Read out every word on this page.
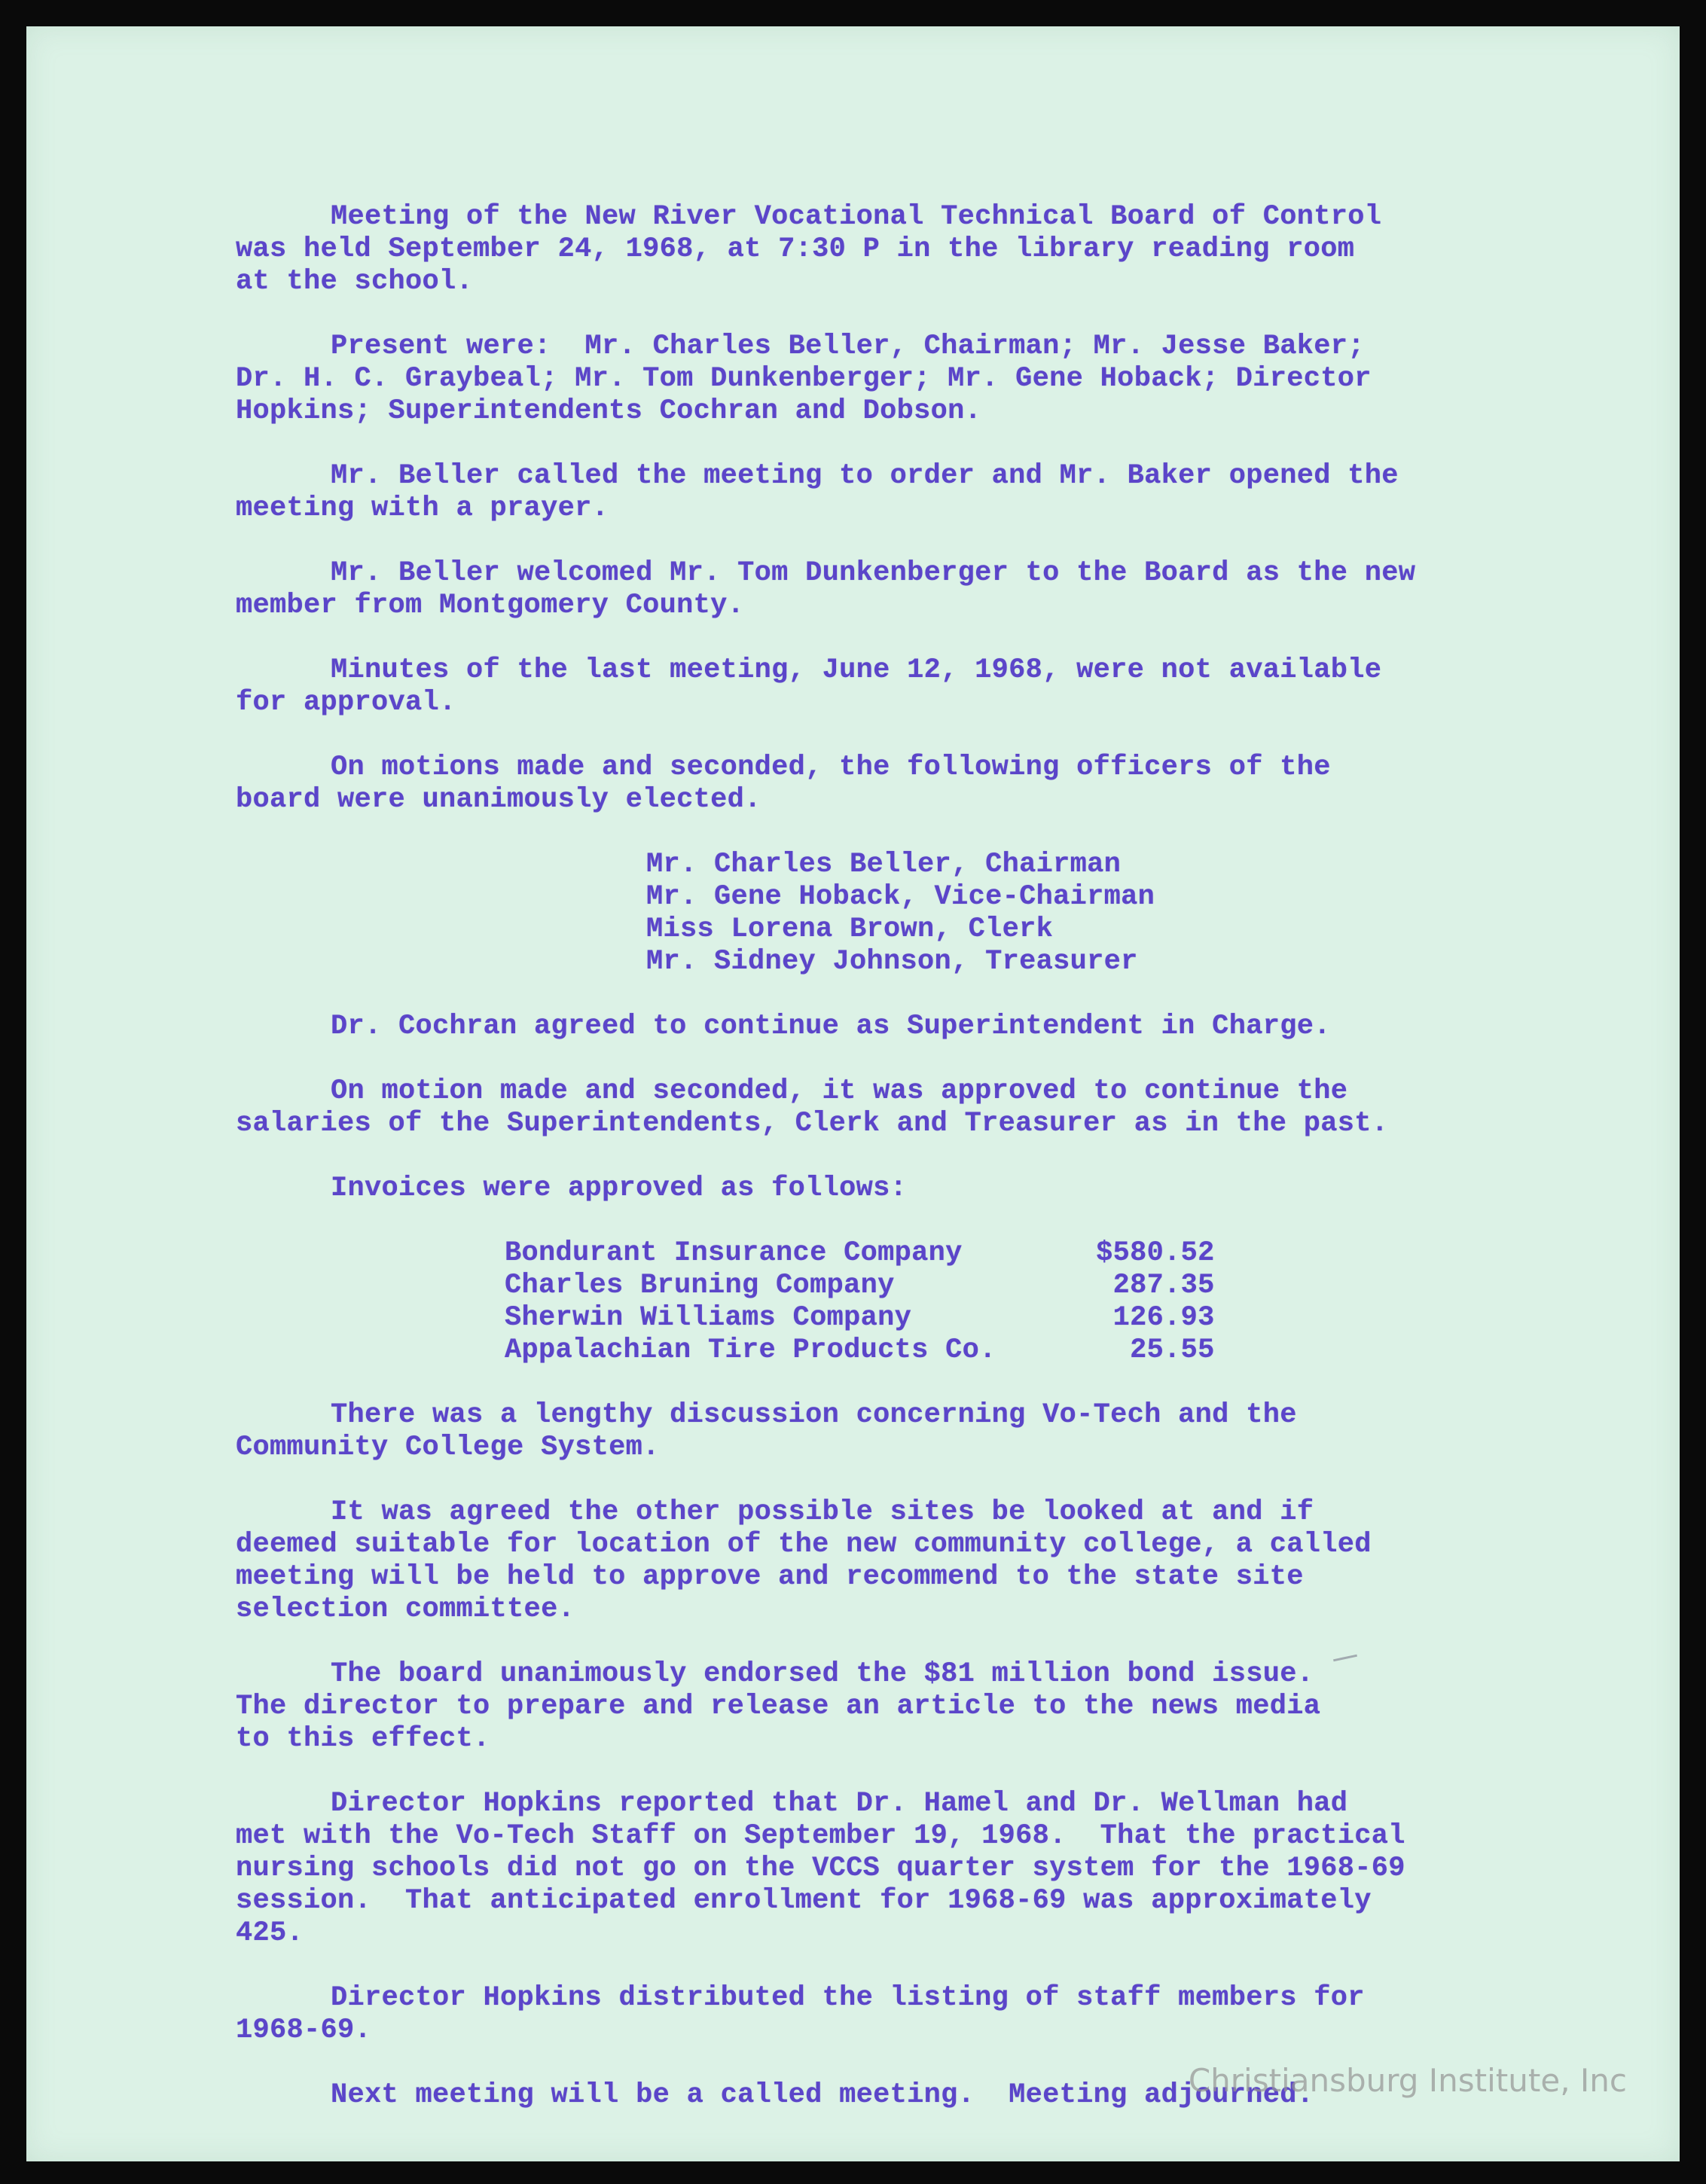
Meeting of the New River Vocational Technical Board of Control
was held September 24, 1968, at 7:30 P in the library reading room
at the school.
Present were:  Mr. Charles Beller, Chairman; Mr. Jesse Baker;
Dr. H. C. Graybeal; Mr. Tom Dunkenberger; Mr. Gene Hoback; Director
Hopkins; Superintendents Cochran and Dobson.
Mr. Beller called the meeting to order and Mr. Baker opened the
meeting with a prayer.
Mr. Beller welcomed Mr. Tom Dunkenberger to the Board as the new
member from Montgomery County.
Minutes of the last meeting, June 12, 1968, were not available
for approval.
On motions made and seconded, the following officers of the
board were unanimously elected.
Mr. Charles Beller, Chairman
Mr. Gene Hoback, Vice-Chairman
Miss Lorena Brown, Clerk
Mr. Sidney Johnson, Treasurer
Dr. Cochran agreed to continue as Superintendent in Charge.
On motion made and seconded, it was approved to continue the
salaries of the Superintendents, Clerk and Treasurer as in the past.
Invoices were approved as follows:
Bondurant Insurance Company	$580.52
Charles Bruning Company	287.35
Sherwin Williams Company	126.93
Appalachian Tire Products Co.	25.55
There was a lengthy discussion concerning Vo-Tech and the
Community College System.
It was agreed the other possible sites be looked at and if
deemed suitable for location of the new community college, a called
meeting will be held to approve and recommend to the state site
selection committee.
The board unanimously endorsed the $81 million bond issue.
The director to prepare and release an article to the news media
to this effect.
Director Hopkins reported that Dr. Hamel and Dr. Wellman had
met with the Vo-Tech Staff on September 19, 1968.  That the practical
nursing schools did not go on the VCCS quarter system for the 1968-69
session.  That anticipated enrollment for 1968-69 was approximately
425.
Director Hopkins distributed the listing of staff members for
1968-69.
Next meeting will be a called meeting.  Meeting adjourned.
Christiansburg Institute, Inc
